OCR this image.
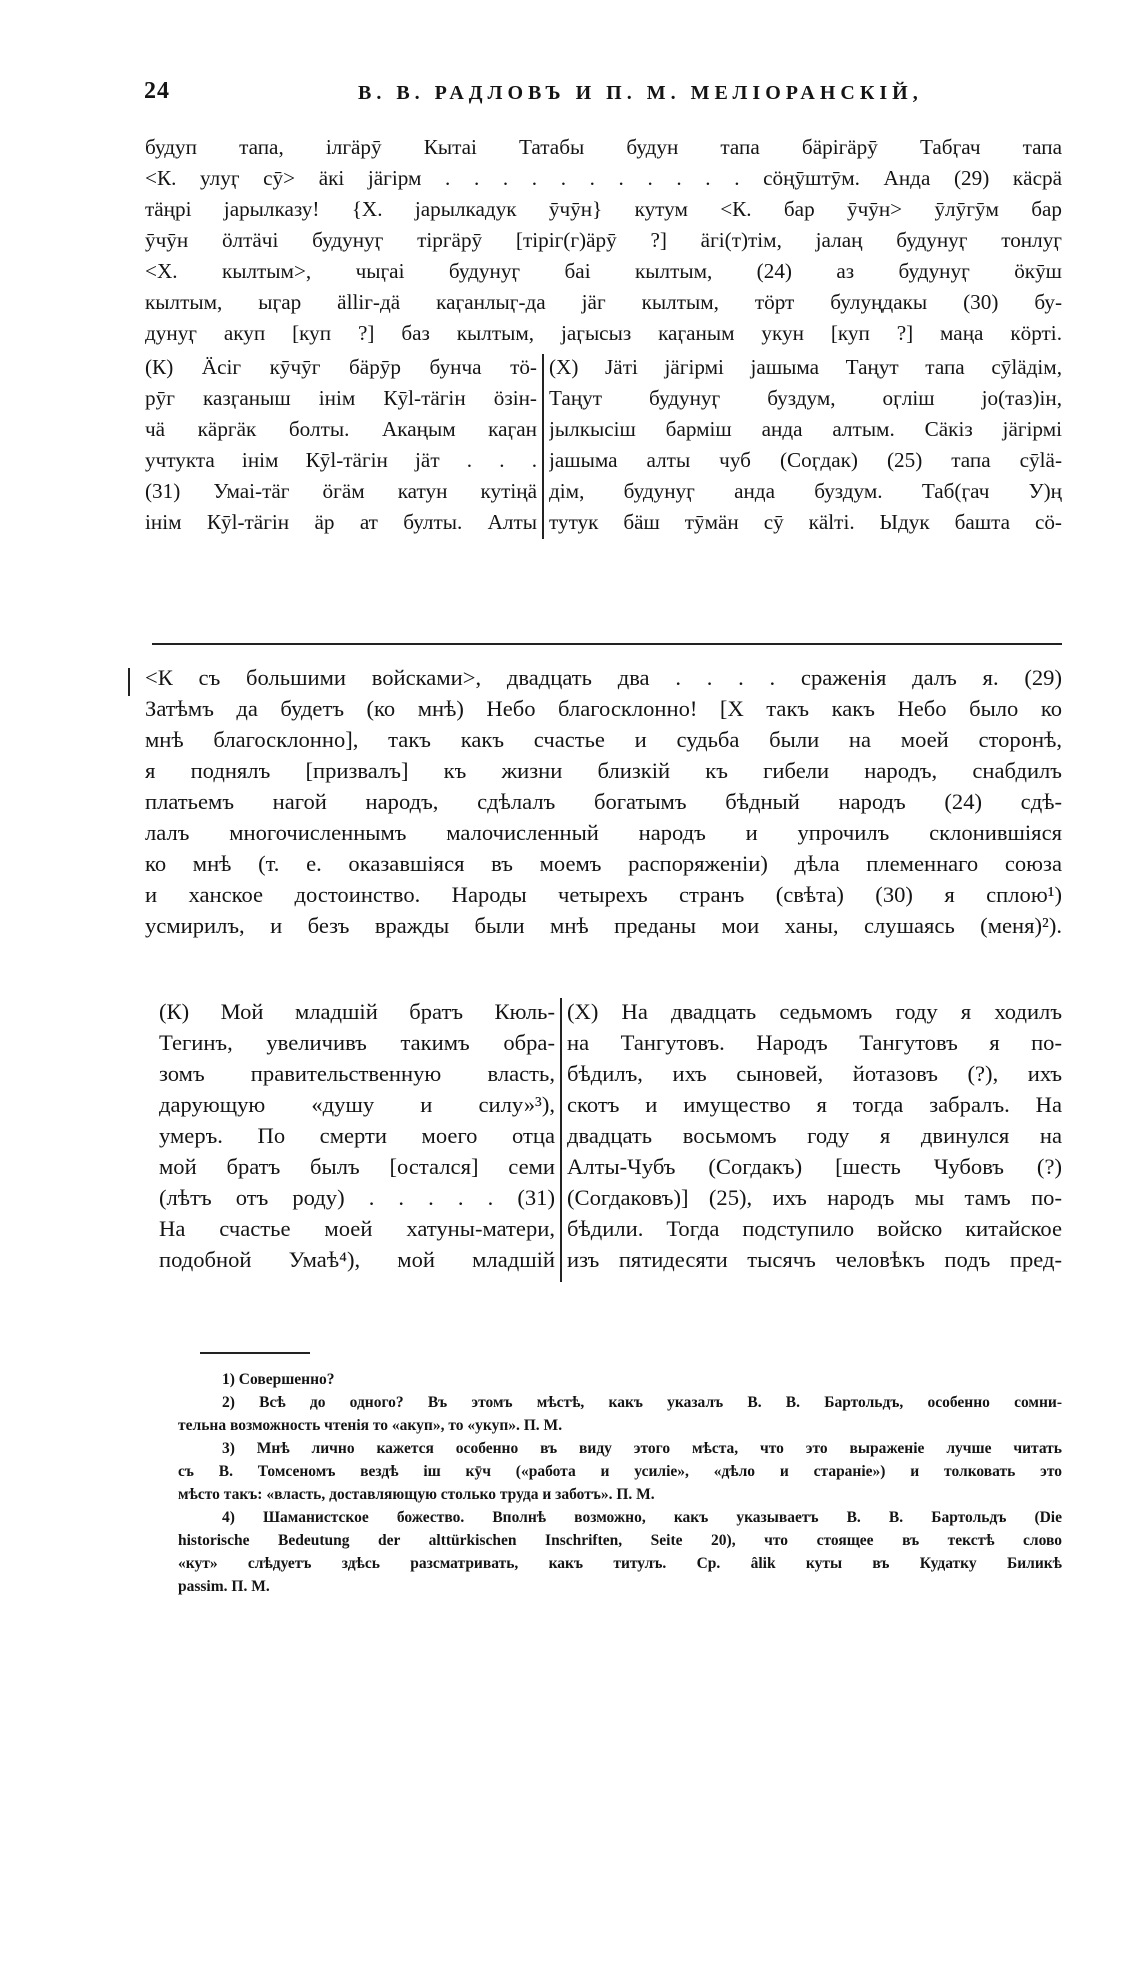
24	В. В. РАДЛОВЪ И П. М. МЕЛІОРАНСКІЙ,
будуп тапа, ілгäрӯ Кытаі Татабы будун тапа бäрігäрӯ Табӷач тапа
<К. улуӷ сӯ> äкі jäгірм . . . . . . . . . . . сöңӯштӯм. Анда (29) кäсрä
тäңрі jарылказу! {Х. jарылкадук ӯчӯн} кутум <К. бар ӯчӯн> ӯлӯгӯм бар
ӯчӯн öлтäчі будунуӷ тіргäрӯ [тіріг(г)äрӯ ?] äгі(т)тім, jалаң будунуӷ тонлуӷ
<Х. кылтым>, чыӷаі будунуӷ баі кылтым, (24) аз будунуӷ öкӯш
кылтым, ыӷар ällіг-дä каӷанлыӷ-да jäг кылтым, тöрт булуңдакы (30) бу-
дунуӷ акуп [куп ?] баз кылтым, jаӷысыз каӷаным укун [куп ?] маңа кöрті.
(К) Äсіг кӯчӯг бäрӯр бунча тö-
рӯг казӷаныш інім Кӯl-тäгін öзін-
чä кäргäк болты. Акаңым каӷан
учтукта інім Кӯl-тäгін jäт . . .
(31) Умаі-тäг öгäм катун кутіңä
інім Кӯl-тäгін äр ат булты. Алты
(Х) Jäті jäгірмі jашыма Таңут тапа сӯläдім,
Таңут будунуӷ буздум, оӷліш jо(таз)ін,
jылкысіш барміш анда алтым. Сäкіз jäгірмі
jашыма алты чуб (Соӷдак) (25) тапа сӯlä-
дім, будунуӷ анда буздум. Таб(ӷач У)ң
тутук бäш тӯмäн сӯ кälті. Ыдук башта сö-
<К съ большими войсками>, двадцать два . . . . сраженія далъ я. (29)
Затѣмъ да будетъ (ко мнѣ) Небо благосклонно! [Х такъ какъ Небо было ко
мнѣ благосклонно], такъ какъ счастье и судьба были на моей сторонѣ,
я поднялъ [призвалъ] къ жизни близкій къ гибели народъ, снабдилъ
платьемъ нагой народъ, сдѣлалъ богатымъ бѣдный народъ (24) сдѣ-
лалъ многочисленнымъ малочисленный народъ и упрочилъ склонившіяся
ко мнѣ (т. е. оказавшіяся въ моемъ распоряженіи) дѣла племеннаго союза
и ханское достоинство. Народы четырехъ странъ (свѣта) (30) я сплою¹)
усмирилъ, и безъ вражды были мнѣ преданы мои ханы, слушаясь (меня)²).
(К) Мой младшій братъ Кюль-
Тегинъ, увеличивъ такимъ обра-
зомъ правительственную власть,
дарующую «душу и силу»³),
умеръ. По смерти моего отца
мой братъ былъ [остался] семи
(лѣтъ отъ роду) . . . . . (31)
На счастье моей хатуны-матери,
подобной Умаѣ⁴), мой младшій
(Х) На двадцать седьмомъ году я ходилъ
на Тангутовъ. Народъ Тангутовъ я по-
бѣдилъ, ихъ сыновей, йотазовъ (?), ихъ
скотъ и имущество я тогда забралъ. На
двадцать восьмомъ году я двинулся на
Алты-Чубъ (Согдакъ) [шесть Чубовъ (?)
(Согдаковъ)] (25), ихъ народъ мы тамъ по-
бѣдили. Тогда подступило войско китайское
изъ пятидесяти тысячъ человѣкъ подъ пред-
1) Совершенно?
2) Всѣ до одного? Въ этомъ мѣстѣ, какъ указалъ В. В. Бартольдъ, особенно сомни-
тельна возможность чтенія то «акуп», то «укуп». П. М.
3) Мнѣ лично кажется особенно въ виду этого мѣста, что это выраженіе лучше читать
съ В. Томсеномъ вездѣ іш кӯч («работа и усиліе», «дѣло и стараніе») и толковать это
мѣсто такъ: «власть, доставляющую столько труда и заботъ». П. М.
4) Шаманистское божество. Вполнѣ возможно, какъ указываетъ В. В. Бартольдъ (Die
historische Bedeutung der alttürkischen Inschriften, Seite 20), что стоящее въ текстѣ слово
«кут» слѣдуетъ здѣсь разсматривать, какъ титулъ. Ср. âlik куты въ Кудатку Биликѣ
passim. П. М.
